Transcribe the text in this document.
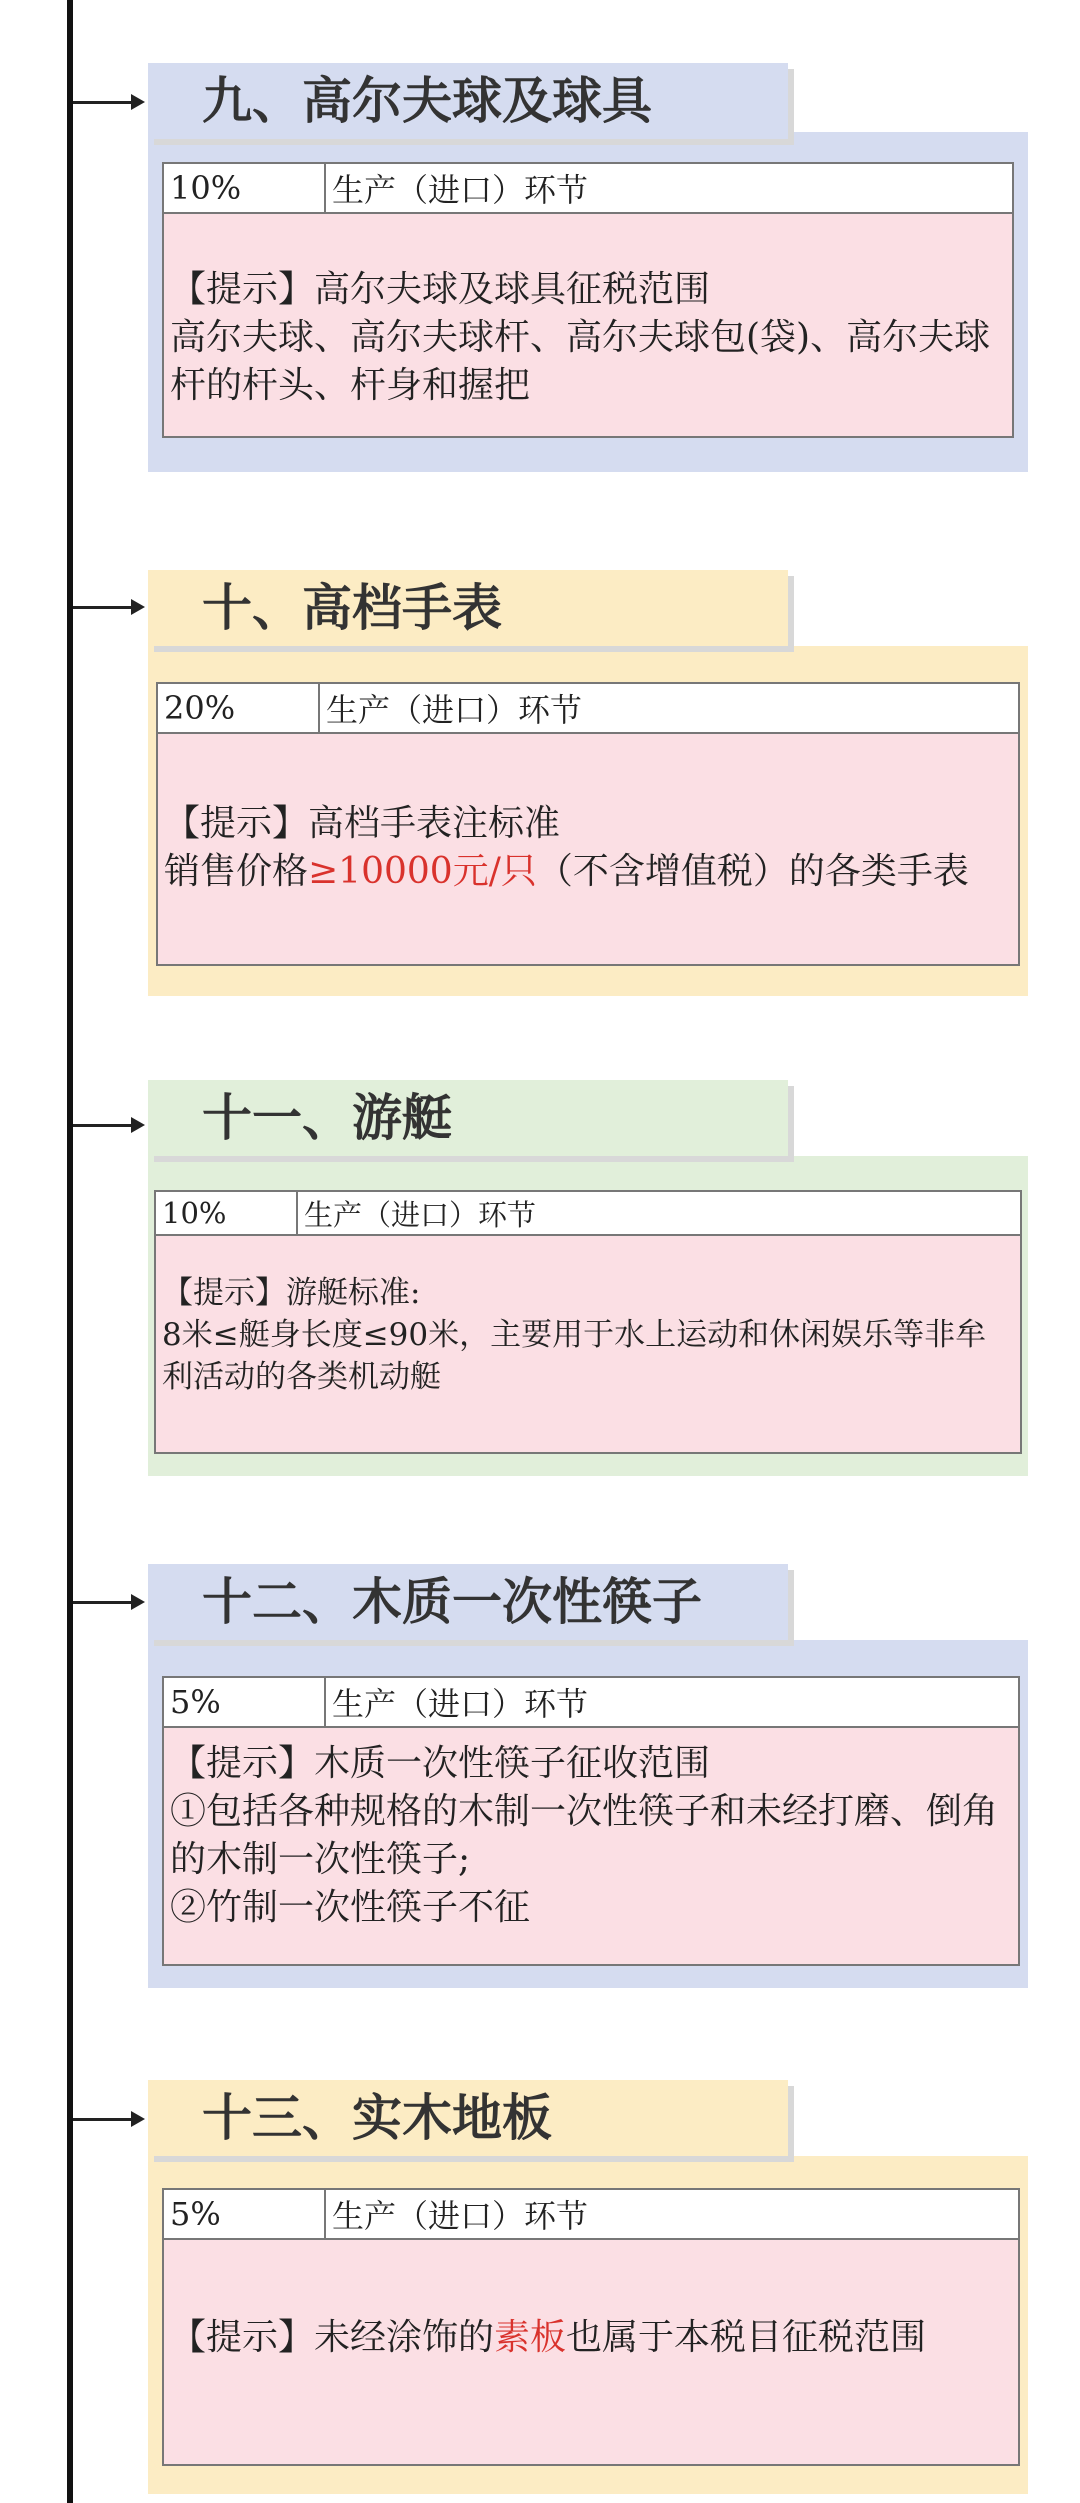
九、高尔夫球及球具
10%	生产（进口）环节

【提示】高尔夫球及球具征税范围

高尔夫球、高尔夫球杆、高尔夫球包(袋)、高尔夫球杆的杆头、杆身和握把

十、高档手表
20%	生产（进口）环节

【提示】高档手表注标准

销售价格≥10000元/只（不含增值税）的各类手表

十一、游艇
10%	生产（进口）环节

【提示】游艇标准:

8米≤艇身长度≤90米，主要用于水上运动和休闲娱乐等非牟利活动的各类机动艇

十二、木质一次性筷子
5%	生产（进口）环节

【提示】木质一次性筷子征收范围

①包括各种规格的木制一次性筷子和未经打磨、倒角的木制一次性筷子;

②竹制一次性筷子不征

十三、实木地板
5%	生产（进口）环节

【提示】未经涂饰的素板也属于本税目征税范围
